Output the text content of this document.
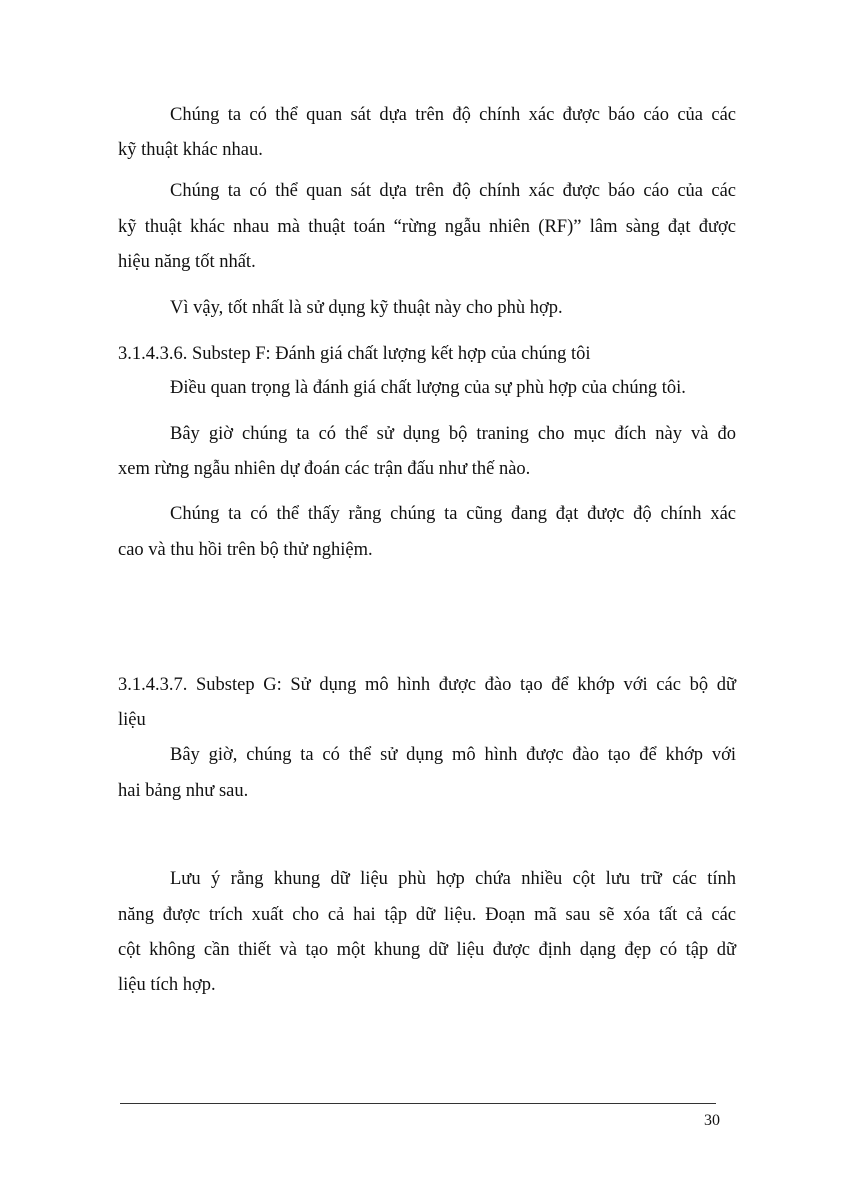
Chúng ta có thể quan sát dựa trên độ chính xác được báo cáo của các
kỹ thuật khác nhau.
Chúng ta có thể quan sát dựa trên độ chính xác được báo cáo của các
kỹ thuật khác nhau mà thuật toán “rừng ngẫu nhiên (RF)” lâm sàng đạt được
hiệu năng tốt nhất.
Vì vậy, tốt nhất là sử dụng kỹ thuật này cho phù hợp.
3.1.4.3.6. Substep F: Đánh giá chất lượng kết hợp của chúng tôi
Điều quan trọng là đánh giá chất lượng của sự phù hợp của chúng tôi.
Bây giờ chúng ta có thể sử dụng bộ traning cho mục đích này và đo
xem rừng ngẫu nhiên dự đoán các trận đấu như thế nào.
Chúng ta có thể thấy rằng chúng ta cũng đang đạt được độ chính xác
cao và thu hồi trên bộ thử nghiệm.
3.1.4.3.7. Substep G: Sử dụng mô hình được đào tạo để khớp với các bộ dữ
liệu
Bây giờ, chúng ta có thể sử dụng mô hình được đào tạo để khớp với
hai bảng như sau.
Lưu ý rằng khung dữ liệu phù hợp chứa nhiều cột lưu trữ các tính
năng được trích xuất cho cả hai tập dữ liệu. Đoạn mã sau sẽ xóa tất cả các
cột không cần thiết và tạo một khung dữ liệu được định dạng đẹp có tập dữ
liệu tích hợp.
30
